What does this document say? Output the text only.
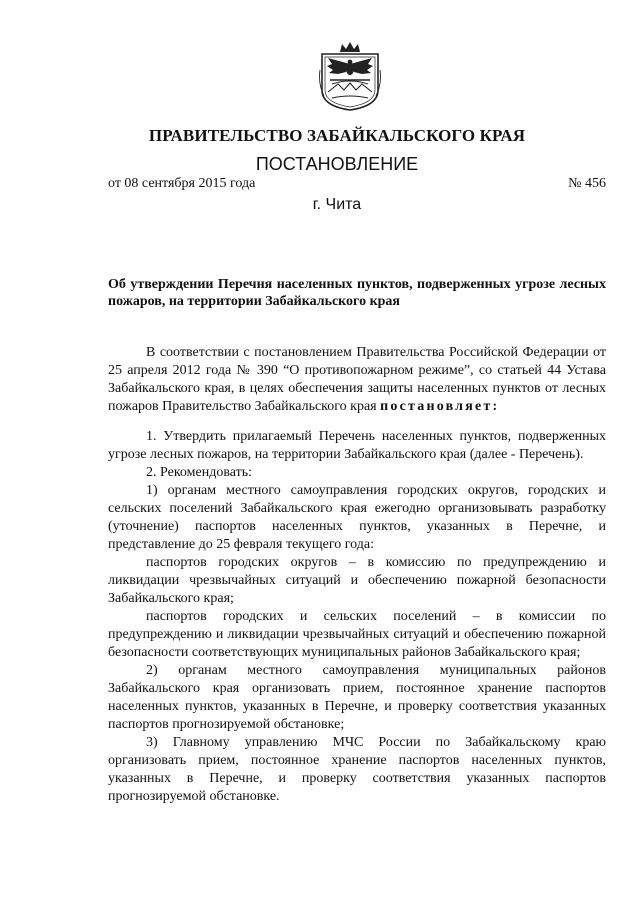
ПРАВИТЕЛЬСТВО ЗАБАЙКАЛЬСКОГО КРАЯ
ПОСТАНОВЛЕНИЕ
от 08 сентября 2015 года	№ 456
г. Чита
Об утверждении Перечня населенных пунктов, подверженных угрозе лесных пожаров, на территории Забайкальского края

В соответствии с постановлением Правительства Российской Федерации от 25 апреля 2012 года № 390 “О противопожарном режиме”, со статьей 44 Устава Забайкальского края, в целях обеспечения защиты населенных пунктов от лесных пожаров Правительство Забайкальского края постановляет:

1. Утвердить прилагаемый Перечень населенных пунктов, подверженных угрозе лесных пожаров, на территории Забайкальского края (далее - Перечень).

2. Рекомендовать:

1) органам местного самоуправления городских округов, городских и сельских поселений Забайкальского края ежегодно организовывать разработку (уточнение) паспортов населенных пунктов, указанных в Перечне, и представление до 25 февраля текущего года:

паспортов городских округов – в комиссию по предупреждению и ликвидации чрезвычайных ситуаций и обеспечению пожарной безопасности Забайкальского края;

паспортов городских и сельских поселений – в комиссии по предупреждению и ликвидации чрезвычайных ситуаций и обеспечению пожарной безопасности соответствующих муниципальных районов Забайкальского края;

2) органам местного самоуправления муниципальных районов Забайкальского края организовать прием, постоянное хранение паспортов населенных пунктов, указанных в Перечне, и проверку соответствия указанных паспортов прогнозируемой обстановке;

3) Главному управлению МЧС России по Забайкальскому краю организовать прием, постоянное хранение паспортов населенных пунктов, указанных в Перечне, и проверку соответствия указанных паспортов прогнозируемой обстановке.
